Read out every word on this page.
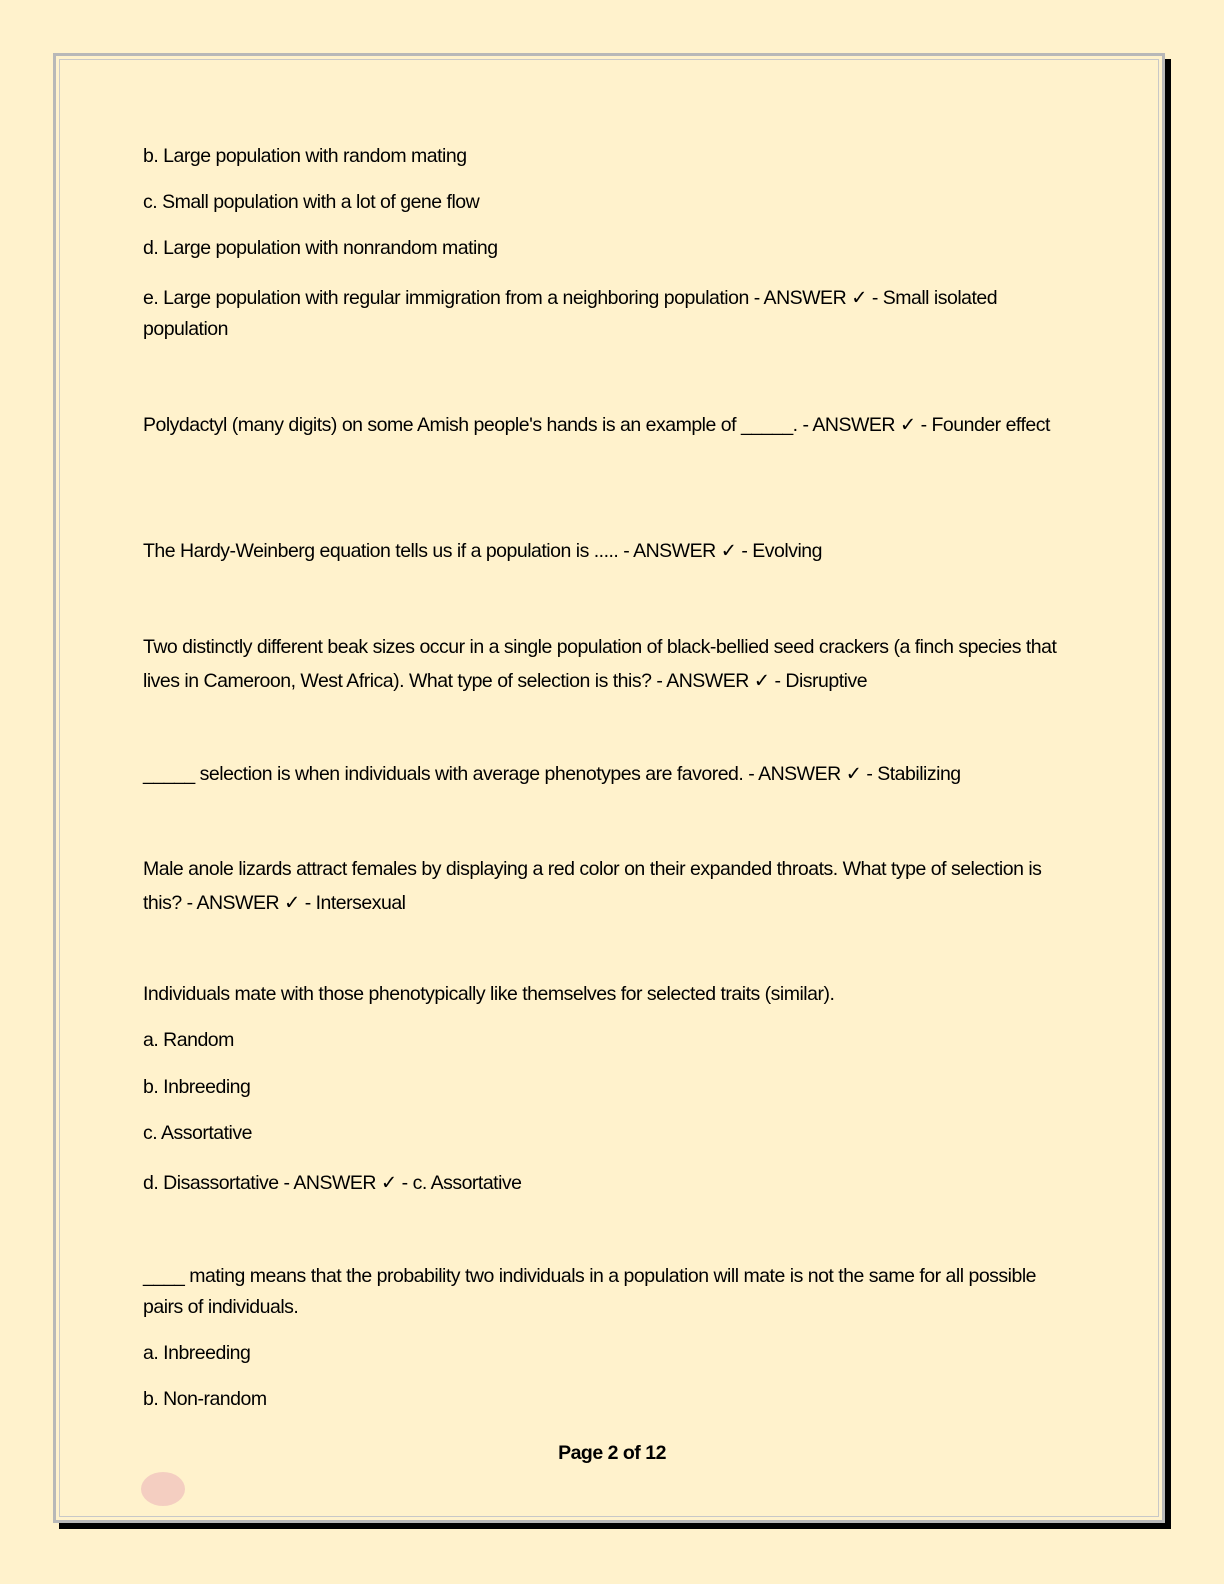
b. Large population with random mating
c. Small population with a lot of gene flow
d. Large population with nonrandom mating
e. Large population with regular immigration from a neighboring population - ANSWER ✓ - Small isolated population
Polydactyl (many digits) on some Amish people's hands is an example of _____. - ANSWER ✓ - Founder effect
The Hardy-Weinberg equation tells us if a population is ..... - ANSWER ✓ - Evolving
Two distinctly different beak sizes occur in a single population of black-bellied seed crackers (a finch species that lives in Cameroon, West Africa). What type of selection is this? - ANSWER ✓ - Disruptive
_____ selection is when individuals with average phenotypes are favored. - ANSWER ✓ - Stabilizing
Male anole lizards attract females by displaying a red color on their expanded throats. What type of selection is this? - ANSWER ✓ - Intersexual
Individuals mate with those phenotypically like themselves for selected traits (similar).
a. Random
b. Inbreeding
c. Assortative
d. Disassortative - ANSWER ✓ - c. Assortative
____ mating means that the probability two individuals in a population will mate is not the same for all possible pairs of individuals.
a. Inbreeding
b. Non-random
Page 2 of 12
